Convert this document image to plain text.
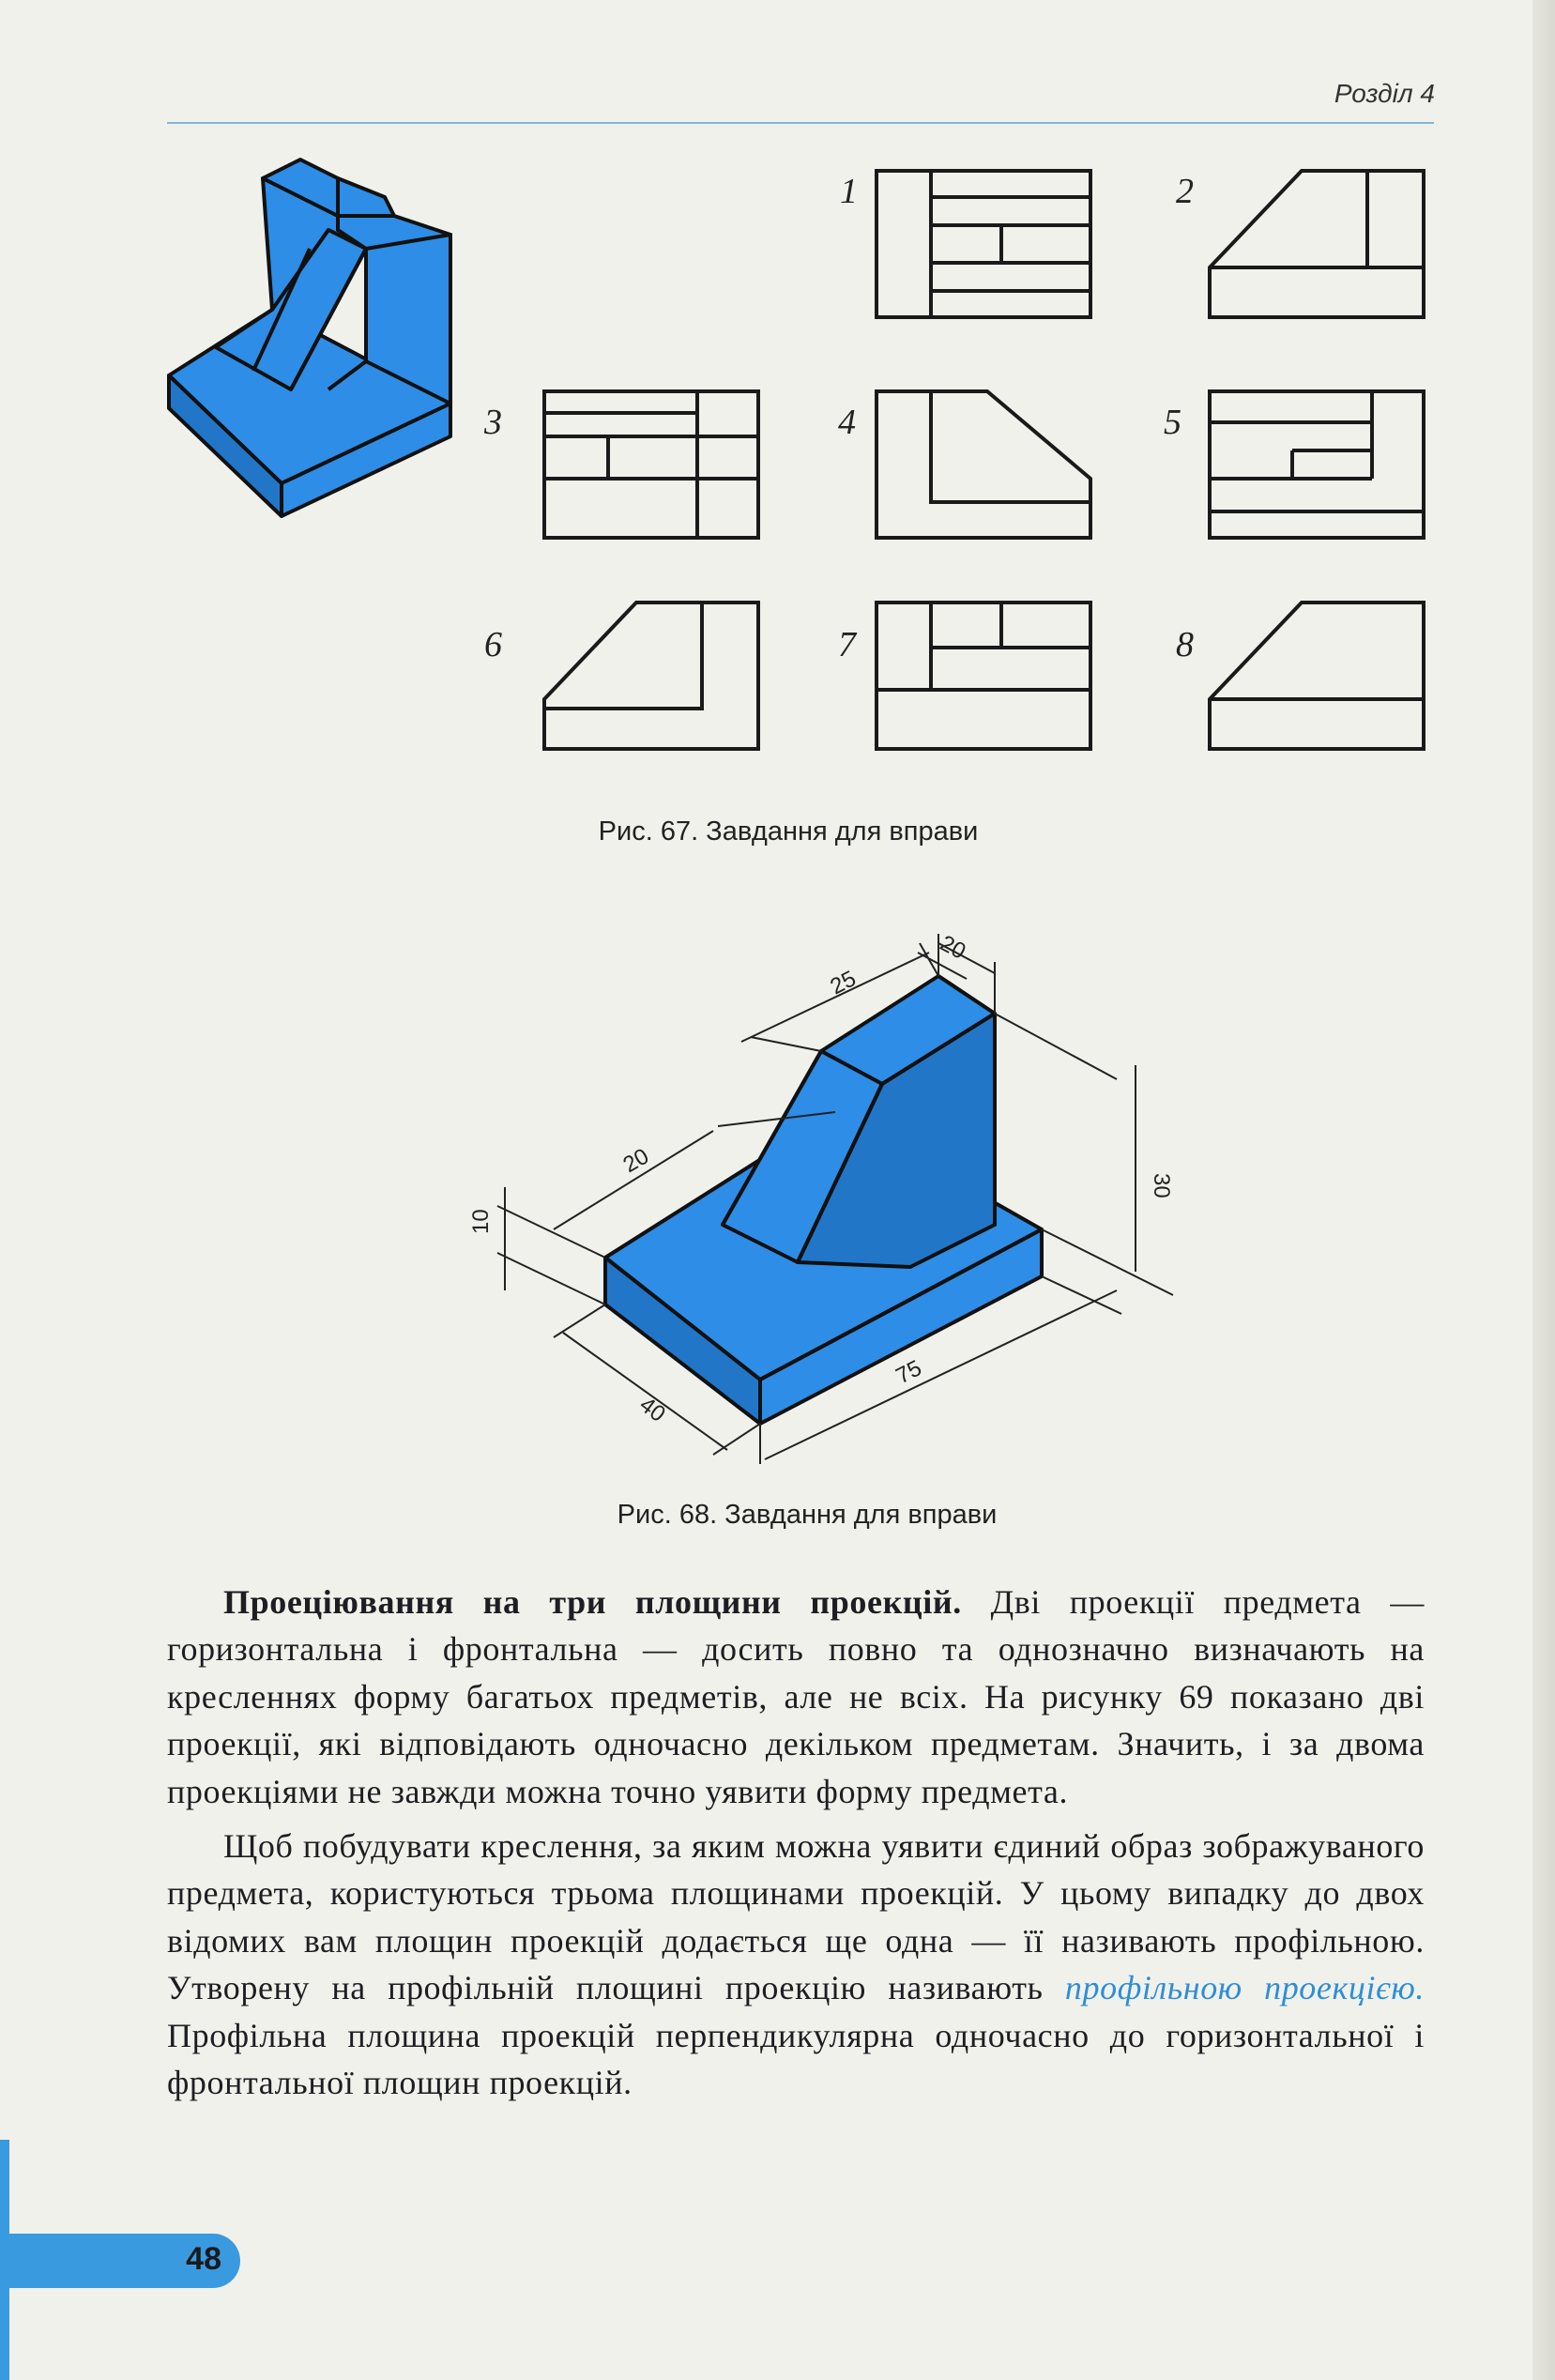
Розділ 4
1	2
3	4	5
6	7	8
Рис. 67. Завдання для вправи
20
25
10
20
30
40
75
Рис. 68. Завдання для вправи

Проеціювання на три площини проекцій. Дві проекції предмета — горизонтальна і фронтальна — досить повно та однозначно визначають на кресленнях форму багатьох предметів, але не всіх. На рисунку 69 показано дві проекції, які відповідають одночасно декільком предметам. Значить, і за двома проекціями не завжди можна точно уявити форму предмета.

Щоб побудувати креслення, за яким можна уявити єдиний образ зображуваного предмета, користуються трьома площинами проекцій. У цьому випадку до двох відомих вам площин проекцій додається ще одна — її називають профільною. Утворену на профільній площині проекцію називають профільною проекцією. Профільна площина проекцій перпендикулярна одночасно до горизонтальної і фронтальної площин проекцій.

48
